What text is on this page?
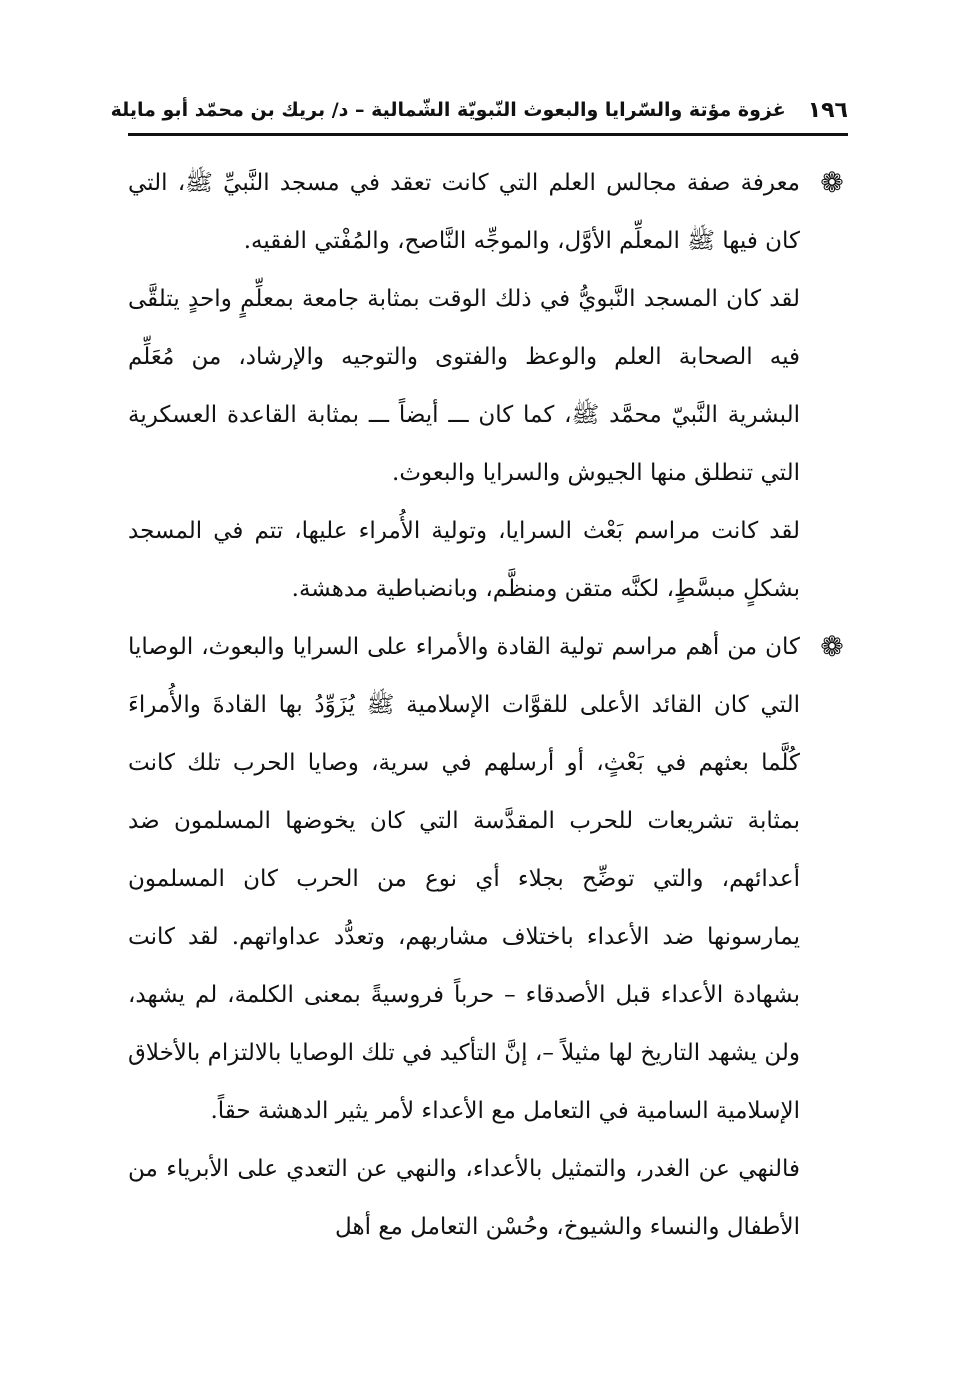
١٩٦
غزوة مؤتة والسّرايا والبعوث النّبويّة الشّمالية – د/ بريك بن محمّد أبو مايلة

❁
معرفة صفة مجالس العلم التي كانت تعقد في مسجد النَّبيِّ ﷺ، التي كان فيها ﷺ المعلِّم الأوَّل، والموجِّه النَّاصح، والمُفْتي الفقيه.

لقد كان المسجد النَّبويُّ في ذلك الوقت بمثابة جامعة بمعلِّمٍ واحدٍ يتلقَّى فيه الصحابة العلم والوعظ والفتوى والتوجيه والإرشاد، من مُعَلِّم البشرية النَّبيّ محمَّد ﷺ، كما كان ـــ أيضاً ـــ بمثابة القاعدة العسكرية التي تنطلق منها الجيوش والسرايا والبعوث.

لقد كانت مراسم بَعْث السرايا، وتولية الأُمراء عليها، تتم في المسجد بشكلٍ مبسَّطٍ، لكنَّه متقن ومنظَّم، وبانضباطية مدهشة.

❁
كان من أهم مراسم تولية القادة والأمراء على السرايا والبعوث، الوصايا التي كان القائد الأعلى للقوَّات الإسلامية ﷺ يُزَوِّدُ بها القادةَ والأُمراءَ كُلَّما بعثهم في بَعْثٍ، أو أرسلهم في سرية، وصايا الحرب تلك كانت بمثابة تشريعات للحرب المقدَّسة التي كان يخوضها المسلمون ضد أعدائهم، والتي توضِّح بجلاء أي نوع من الحرب كان المسلمون يمارسونها ضد الأعداء باختلاف مشاربهم، وتعدُّد عداواتهم. لقد كانت بشهادة الأعداء قبل الأصدقاء – حرباً فروسيةً بمعنى الكلمة، لم يشهد، ولن يشهد التاريخ لها مثيلاً –، إنَّ التأكيد في تلك الوصايا بالالتزام بالأخلاق الإسلامية السامية في التعامل مع الأعداء لأمر يثير الدهشة حقاً.

فالنهي عن الغدر، والتمثيل بالأعداء، والنهي عن التعدي على الأبرياء من الأطفال والنساء والشيوخ، وحُسْن التعامل مع أهل
